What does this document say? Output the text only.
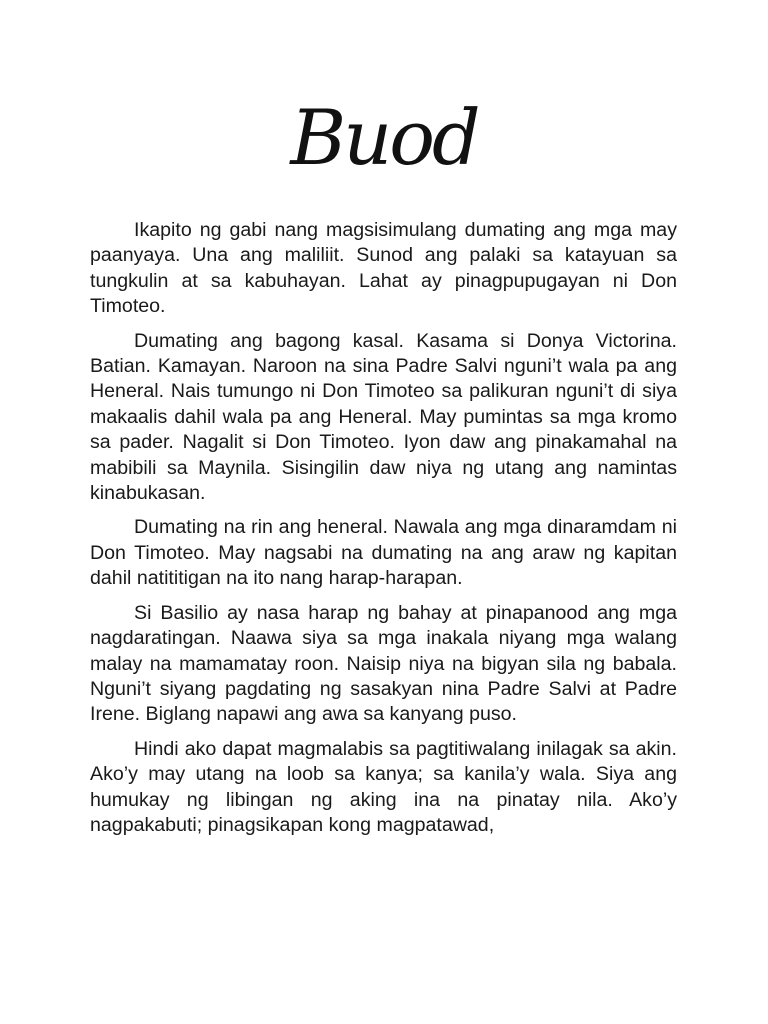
Buod

Ikapito ng gabi nang magsisimulang dumating ang mga may paanyaya. Una ang maliliit. Sunod ang palaki sa katayuan sa tungkulin at sa kabuhayan. Lahat ay pinagpupugayan ni Don Timoteo.

Dumating ang bagong kasal. Kasama si Donya Victorina. Batian. Kamayan. Naroon na sina Padre Salvi nguni’t wala pa ang Heneral. Nais tumungo ni Don Timoteo sa palikuran nguni’t di siya makaalis dahil wala pa ang Heneral. May pumintas sa mga kromo sa pader. Nagalit si Don Timoteo. Iyon daw ang pinakamahal na mabibili sa Maynila. Sisingilin daw niya ng utang ang namintas kinabukasan.

Dumating na rin ang heneral. Nawala ang mga dinaramdam ni Don Timoteo. May nagsabi na dumating na ang araw ng kapitan dahil natititigan na ito nang harap-harapan.

Si Basilio ay nasa harap ng bahay at pinapanood ang mga nagdaratingan. Naawa siya sa mga inakala niyang mga walang malay na mamamatay roon. Naisip niya na bigyan sila ng babala. Nguni’t siyang pagdating ng sasakyan nina Padre Salvi at Padre Irene. Biglang napawi ang awa sa kanyang puso.

Hindi ako dapat magmalabis sa pagtitiwalang inilagak sa akin. Ako’y may utang na loob sa kanya; sa kanila’y wala. Siya ang humukay ng libingan ng aking ina na pinatay nila. Ako’y nagpakabuti; pinagsikapan kong magpatawad,
